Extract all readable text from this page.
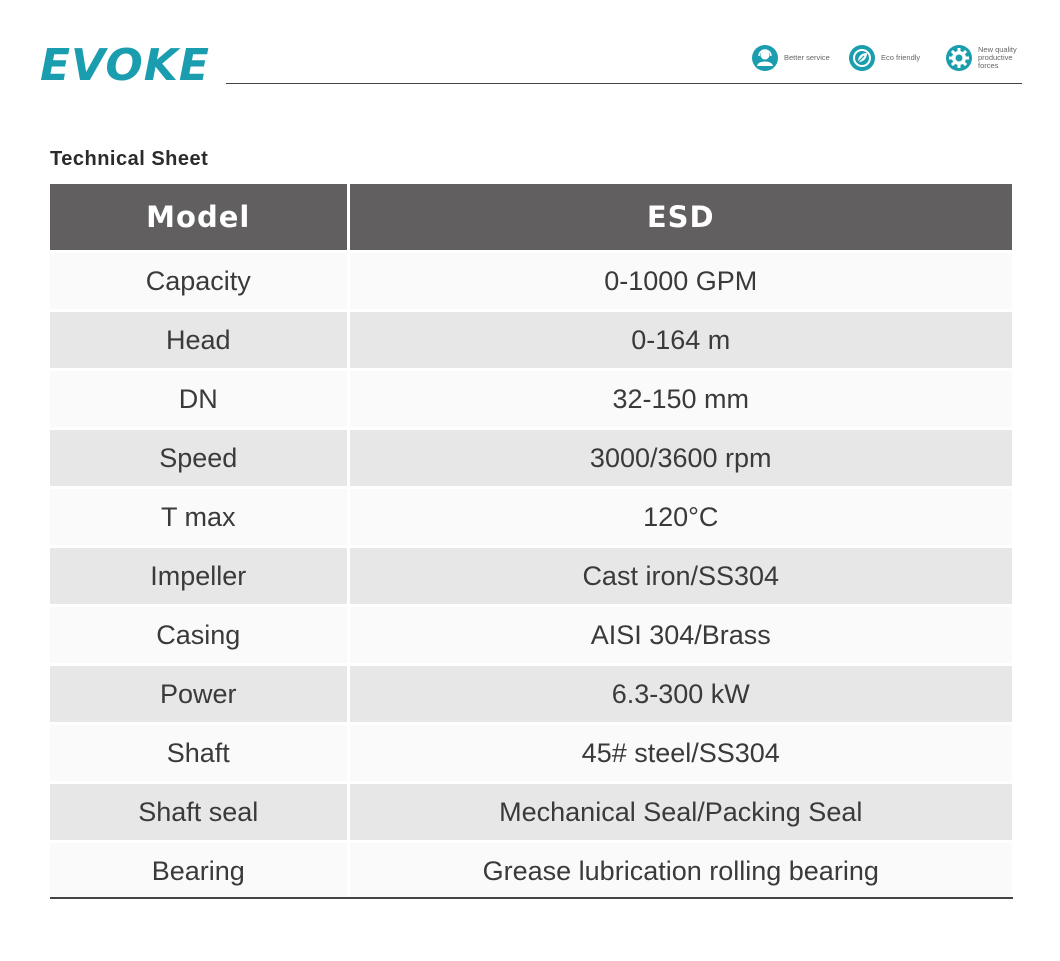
EVOKE	Better service	Eco friendly
New quality productive forces
Technical Sheet
Model	ESD
Capacity	0-1000 GPM
Head	0-164 m
DN	32-150 mm
Speed	3000/3600 rpm
T max	120°C
Impeller	Cast iron/SS304
Casing	AISI 304/Brass
Power	6.3-300 kW
Shaft	45# steel/SS304
Shaft seal	Mechanical Seal/Packing Seal
Bearing	Grease lubrication rolling bearing
